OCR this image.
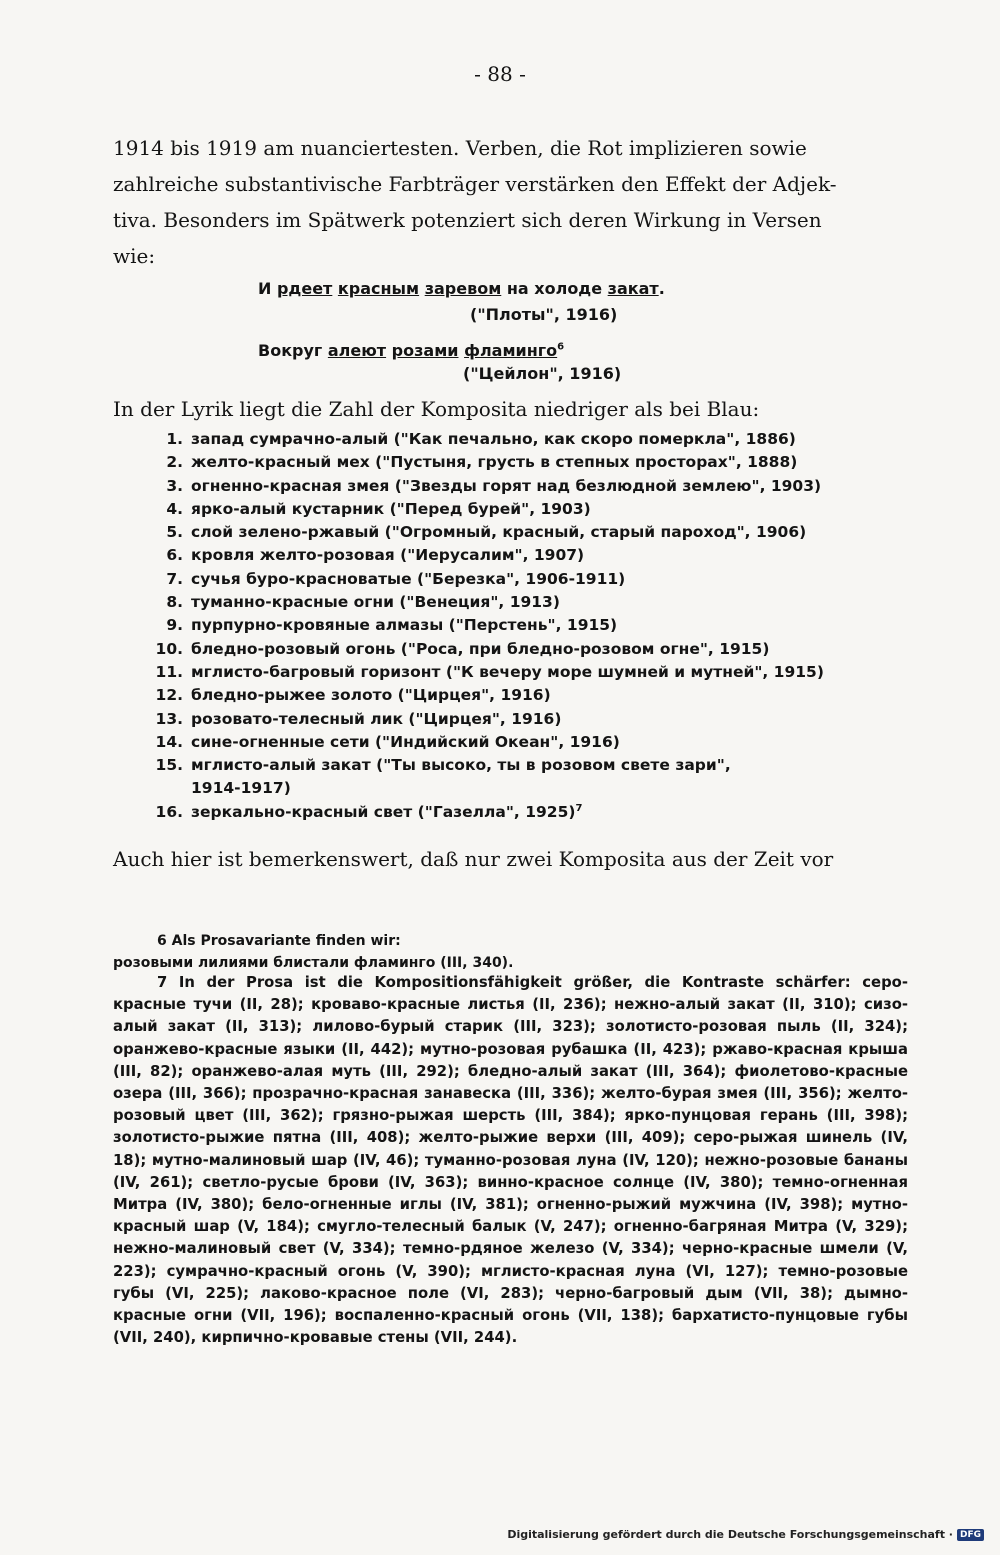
- 88 -

1914 bis 1919 am nuanciertesten. Verben, die Rot implizieren sowie

zahlreiche substantivische Farbträger verstärken den Effekt der Adjek-

tiva. Besonders im Spätwerk potenziert sich deren Wirkung in Versen

wie:

И рдеет красным заревом на холоде закат.
("Плоты", 1916)
Вокруг алеют розами фламинго$^6$
("Цейлон", 1916)
In der Lyrik liegt die Zahl der Komposita niedriger als bei Blau:
1. запад сумрачно-алый ("Как печально, как скоро померкла", 1886)
2. желто-красный мех ("Пустыня, грусть в степных просторах", 1888)
3. огненно-красная змея ("Звезды горят над безлюдной землею", 1903)
4. ярко-алый кустарник ("Перед бурей", 1903)
5. слой зелено-ржавый ("Огромный, красный, старый пароход", 1906)
6. кровля желто-розовая ("Иерусалим", 1907)
7. сучья буро-красноватые ("Березка", 1906-1911)
8. туманно-красные огни ("Венеция", 1913)
9. пурпурно-кровяные алмазы ("Перстень", 1915)
10. бледно-розовый огонь ("Роса, при бледно-розовом огне", 1915)
11. мглисто-багровый горизонт ("К вечеру море шумней и мутней", 1915)
12. бледно-рыжее золото ("Цирцея", 1916)
13. розовато-телесный лик ("Цирцея", 1916)
14. сине-огненные сети ("Индийский Океан", 1916)
15. мглисто-алый закат ("Ты высоко, ты в розовом свете зари",
1914-1917)
16. зеркально-красный свет ("Газелла", 1925)$^7$
Auch hier ist bemerkenswert, daß nur zwei Komposita aus der Zeit vor
6 Als Prosavariante finden wir:
розовыми лилиями блистали фламинго (III, 340).

7 In der Prosa ist die Kompositionsfähigkeit größer, die Kontraste schärfer: серо-красные тучи (II, 28); кроваво-красные листья (II, 236); нежно-алый закат (II, 310); сизо-алый закат (II, 313); лилово-бурый старик (III, 323); золотисто-розовая пыль (II, 324); оранжево-красные языки (II, 442); мутно-розовая рубашка (II, 423); ржаво-красная крыша (III, 82); оранжево-алая муть (III, 292); бледно-алый закат (III, 364); фиолетово-красные озера (III, 366); прозрачно-красная занавеска (III, 336); желто-бурая змея (III, 356); желто-розовый цвет (III, 362); грязно-рыжая шерсть (III, 384); ярко-пунцовая герань (III, 398); золотисто-рыжие пятна (III, 408); желто-рыжие верхи (III, 409); серо-рыжая шинель (IV, 18); мутно-малиновый шар (IV, 46); туманно-розовая луна (IV, 120); нежно-розовые бананы (IV, 261); светло-русые брови (IV, 363); винно-красное солнце (IV, 380); темно-огненная Митра (IV, 380); бело-огненные иглы (IV, 381); огненно-рыжий мужчина (IV, 398); мутно-красный шар (V, 184); смугло-телесный балык (V, 247); огненно-багряная Митра (V, 329); нежно-малиновый свет (V, 334); темно-рдяное железо (V, 334); черно-красные шмели (V, 223); сумрачно-красный огонь (V, 390); мглисто-красная луна (VI, 127); темно-розовые губы (VI, 225); лаково-красное поле (VI, 283); черно-багровый дым (VII, 38); дымно-красные огни (VII, 196); воспаленно-красный огонь (VII, 138); бархатисто-пунцовые губы (VII, 240), кирпично-кровавые стены (VII, 244).

Digitalisierung gefördert durch die Deutsche Forschungsgemeinschaft · DFG
